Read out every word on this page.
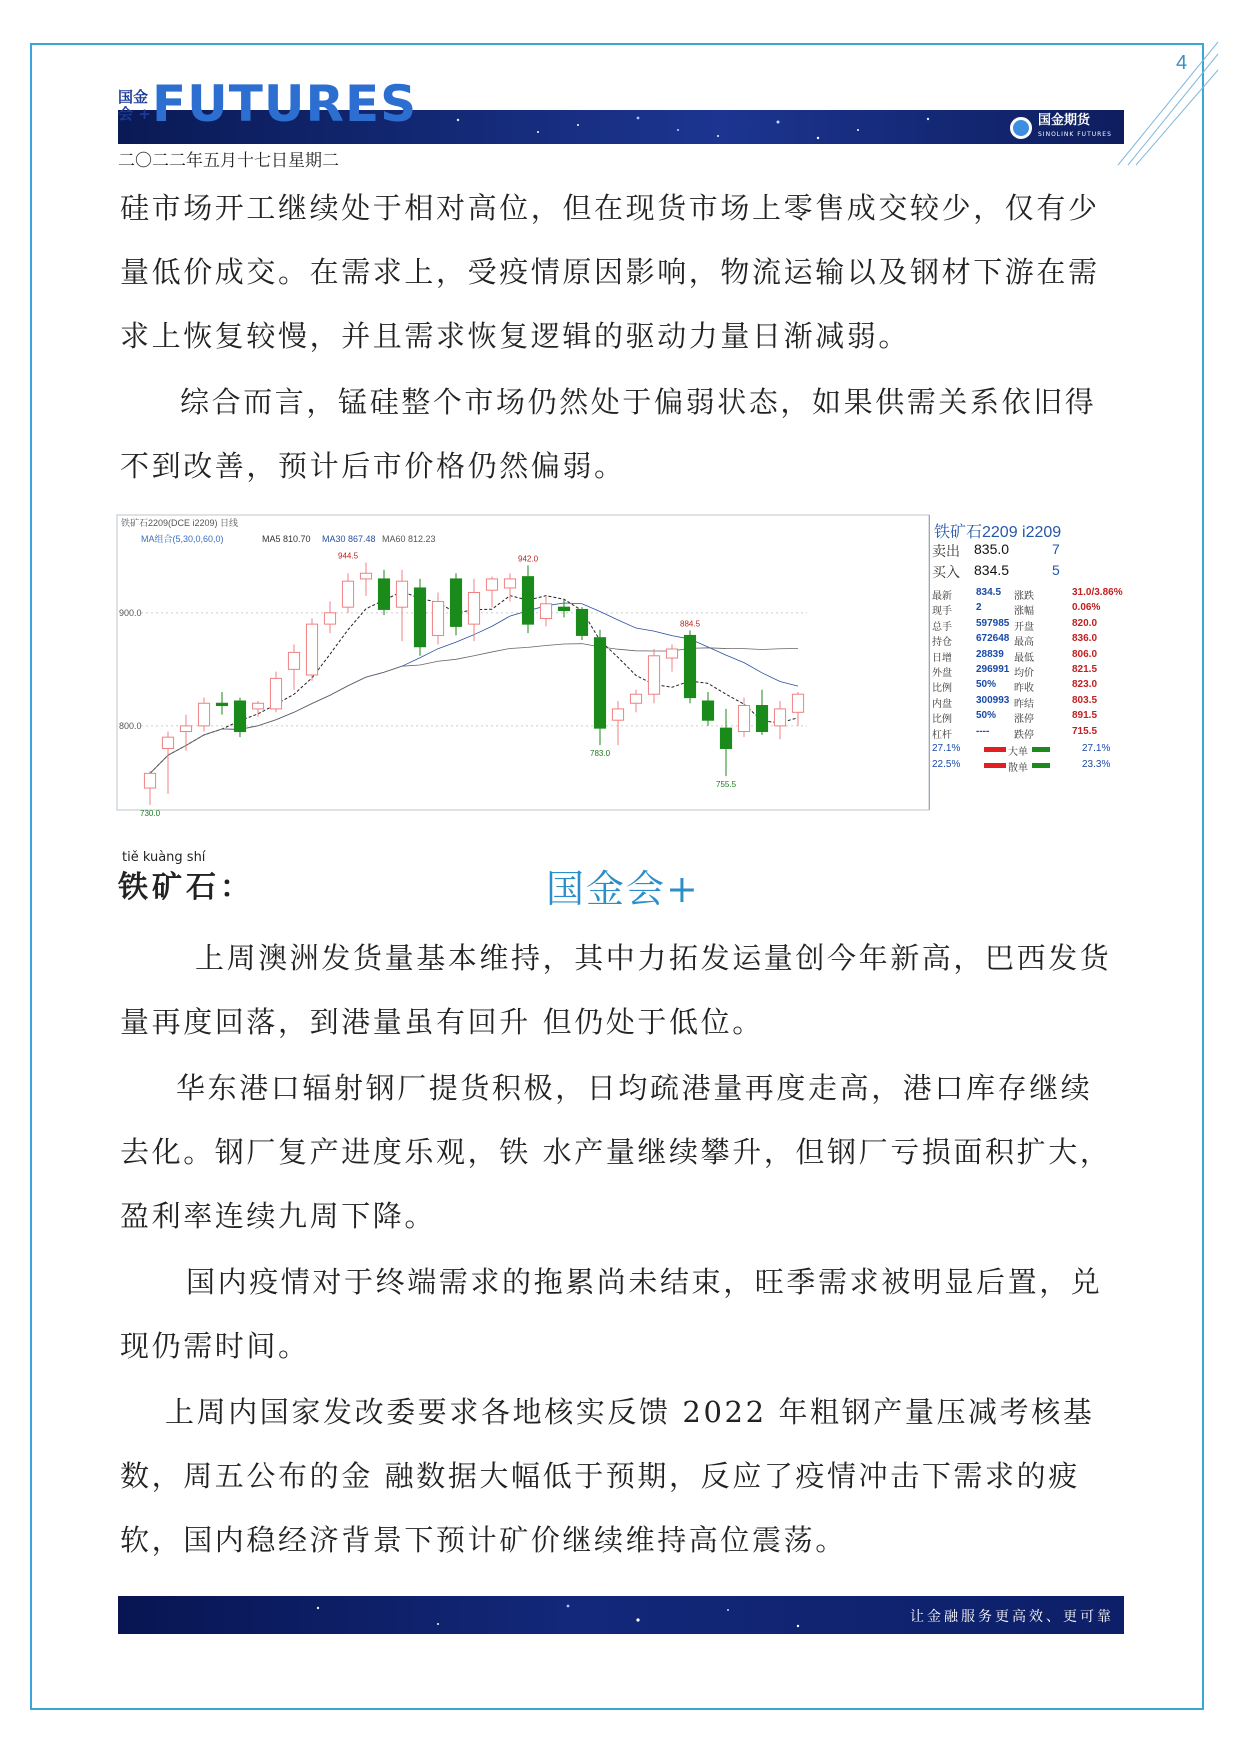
4
国金
会 + FUTURES	国金期货
SINOLINK FUTURES
二〇二二年五月十七日星期二

硅市场开工继续处于相对高位，但在现货市场上零售成交较少，仅有少量低价成交。在需求上，受疫情原因影响，物流运输以及钢材下游在需求上恢复较慢，并且需求恢复逻辑的驱动力量日渐减弱。

综合而言，锰硅整个市场仍然处于偏弱状态，如果供需关系依旧得不到改善，预计后市价格仍然偏弱。

铁矿石2209(DCE i2209) 日线
MA组合(5,30,0,60,0)	MA5 810.70 MA30 867.48 MA60 812.23
900.0
800.0
944.5	942.0
884.5
783.0
755.5
730.0
铁矿石2209 i2209
卖出 835.0	7
买入 834.5	5
最新 834.5 涨跌	31.0/3.86%
现手 2	涨幅	0.06%
总手 597985 开盘	820.0
持仓 672648 最高	836.0
日增 28839 最低	806.0
外盘 296991 均价	821.5
比例 50% 昨收	823.0
内盘 300993 昨结	803.5
比例 50% 涨停	891.5
杠杆 ---- 跌停	715.5
27.1%	大单	27.1%
22.5%	散单	23.3%
tiě kuàng shí
铁矿石：	国金会+

上周澳洲发货量基本维持，其中力拓发运量创今年新高，巴西发货量再度回落，到港量虽有回升 但仍处于低位。

华东港口辐射钢厂提货积极，日均疏港量再度走高，港口库存继续去化。钢厂复产进度乐观，铁 水产量继续攀升，但钢厂亏损面积扩大，盈利率连续九周下降。

国内疫情对于终端需求的拖累尚未结束，旺季需求被明显后置，兑现仍需时间。

上周内国家发改委要求各地核实反馈 2022 年粗钢产量压减考核基数，周五公布的金 融数据大幅低于预期，反应了疫情冲击下需求的疲软，国内稳经济背景下预计矿价继续维持高位震荡。

让金融服务更高效、更可靠
